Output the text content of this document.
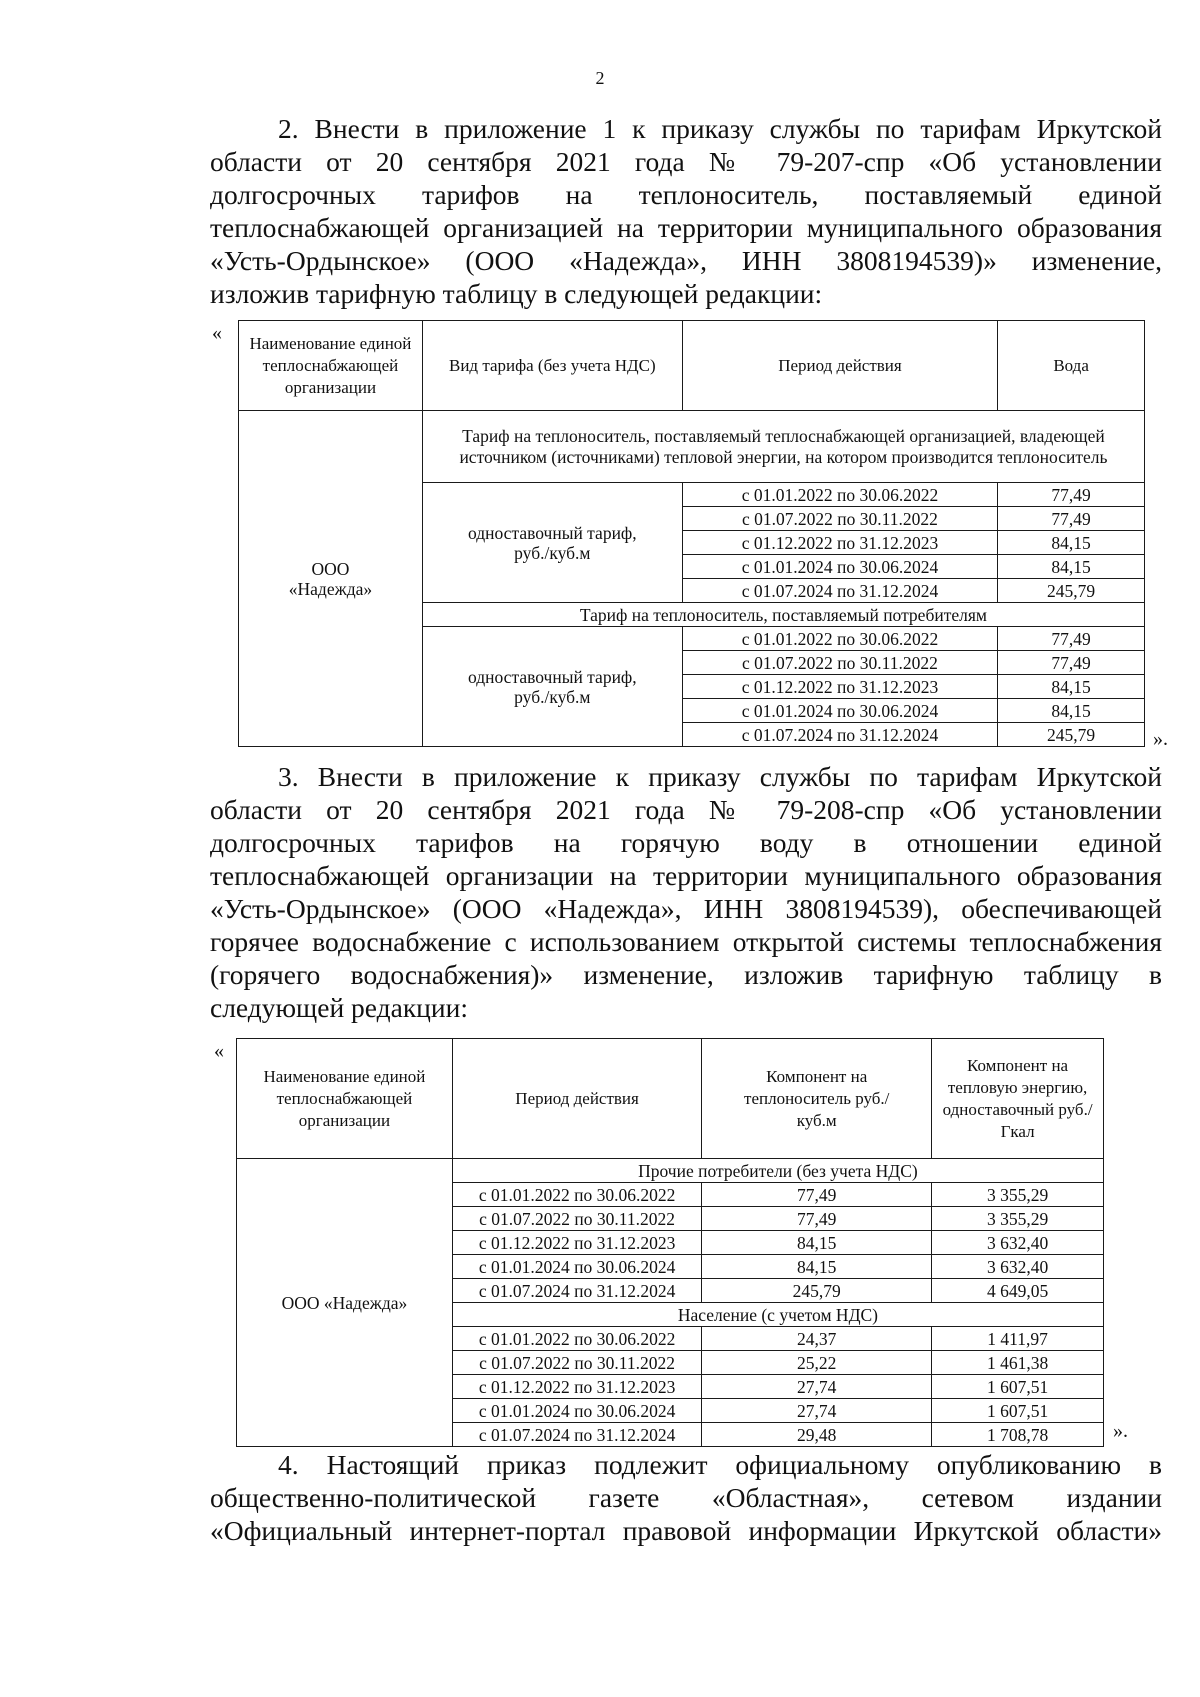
2
2. Внести в приложение 1 к приказу службы по тарифам Иркутской
области от 20 сентября 2021 года № 79-207-спр «Об установлении
долгосрочных тарифов на теплоноситель, поставляемый единой
теплоснабжающей организацией на территории муниципального образования
«Усть-Ордынское» (ООО «Надежда», ИНН 3808194539)» изменение,
изложив тарифную таблицу в следующей редакции:
« Наименование единой теплоснабжающей организации	Вид тарифа (без учета НДС)	Период действия	Вода
ООО «Надежда»	Тариф на теплоноситель, поставляемый теплоснабжающей организацией, владеющей источником (источниками) тепловой энергии, на котором производится теплоноситель		
	одноставочный тариф, руб./куб.м	с 01.01.2022 по 30.06.2022	77,49
		с 01.07.2022 по 30.11.2022	77,49
		с 01.12.2022 по 31.12.2023	84,15
		с 01.01.2024 по 30.06.2024	84,15
		с 01.07.2024 по 31.12.2024	245,79
	Тариф на теплоноситель, поставляемый потребителям		
	одноставочный тариф, руб./куб.м	с 01.01.2022 по 30.06.2022	77,49
		с 01.07.2022 по 30.11.2022	77,49
		с 01.12.2022 по 31.12.2023	84,15
		с 01.01.2024 по 30.06.2024	84,15
		с 01.07.2024 по 31.12.2024	245,79	».
3. Внести в приложение к приказу службы по тарифам Иркутской
области от 20 сентября 2021 года № 79-208-спр «Об установлении
долгосрочных тарифов на горячую воду в отношении единой
теплоснабжающей организации на территории муниципального образования
«Усть-Ордынское» (ООО «Надежда», ИНН 3808194539), обеспечивающей
горячее водоснабжение с использованием открытой системы теплоснабжения
(горячего водоснабжения)» изменение, изложив тарифную таблицу в
следующей редакции:
«
Наименование единой теплоснабжающей организации	Период действия	Компонент на теплоноситель руб./куб.м	Компонент на тепловую энергию, одноставочный руб./Гкал
ООО «Надежда»	Прочие потребители (без учета НДС)		
	с 01.01.2022 по 30.06.2022	77,49	3 355,29
	с 01.07.2022 по 30.11.2022	77,49	3 355,29
	с 01.12.2022 по 31.12.2023	84,15	3 632,40
	с 01.01.2024 по 30.06.2024	84,15	3 632,40
	с 01.07.2024 по 31.12.2024	245,79	4 649,05
	Население (с учетом НДС)		
	с 01.01.2022 по 30.06.2022	24,37	1 411,97
	с 01.07.2022 по 30.11.2022	25,22	1 461,38
	с 01.12.2022 по 31.12.2023	27,74	1 607,51
	с 01.01.2024 по 30.06.2024	27,74	1 607,51
	с 01.07.2024 по 31.12.2024	29,48	1 708,78	».
4. Настоящий приказ подлежит официальному опубликованию в
общественно-политической газете «Областная», сетевом издании
«Официальный интернет-портал правовой информации Иркутской области»
